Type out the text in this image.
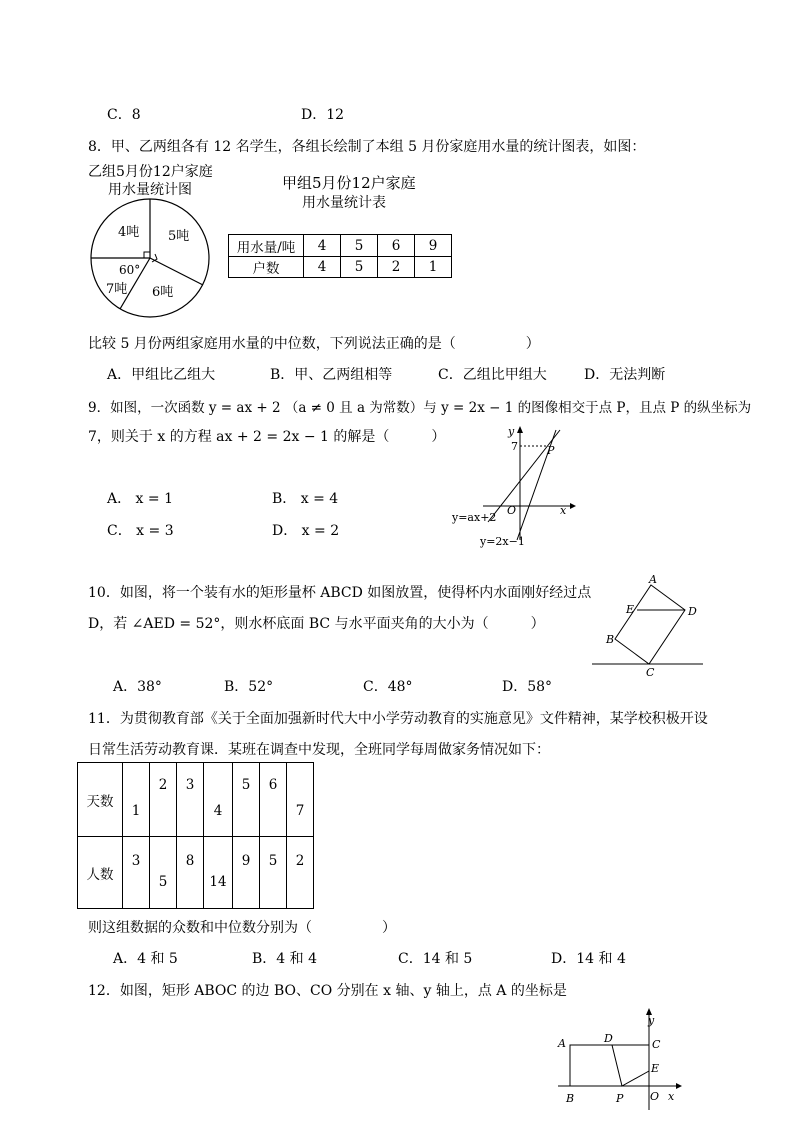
C．8	D．12
8．甲、乙两组各有 12 名学生，各组长绘制了本组 5 月份家庭用水量的统计图表，如图：
乙组5月份12户家庭
用水量统计图
4吨 5吨
60°
7吨 6吨
甲组5月份12户家庭
用水量统计表
用水量/吨	4	5	6	9
户数	4	5	2	1
比较 5 月份两组家庭用水量的中位数，下列说法正确的是（　　　　　）
A．甲组比乙组大	B．甲、乙两组相等	C．乙组比甲组大	D．无法判断
9．如图，一次函数 y = ax + 2 （a ≠ 0 且 a 为常数）与 y = 2x − 1 的图像相交于点 P，且点 P 的纵坐标为
7，则关于 x 的方程 ax + 2 = 2x − 1 的解是（　　　）
A． x = 1	B． x = 4
C． x = 3	D． x = 2
y
7	P
O	x
y=ax+2
y=2x−1
10．如图，将一个装有水的矩形量杯 ABCD 如图放置，使得杯内水面刚好经过点
D，若 ∠AED = 52°，则水杯底面 BC 与水平面夹角的大小为（　　　）
A．38°	B．52°	C．48°	D．58°
A
E	D
B
C
11．为贯彻教育部《关于全面加强新时代大中小学劳动教育的实施意见》文件精神，某学校积极开设
日常生活劳动教育课．某班在调查中发现，全班同学每周做家务情况如下：
天数	1	2	3	4	5	6	7
人数	3	5	8	14	9	5	2
则这组数据的众数和中位数分别为（　　　　　）
A．4 和 5	B．4 和 4	C．14 和 5	D．14 和 4
12．如图，矩形 ABOC 的边 BO、CO 分别在 x 轴、y 轴上，点 A 的坐标是
y
A	D	C
E
B	P O x
